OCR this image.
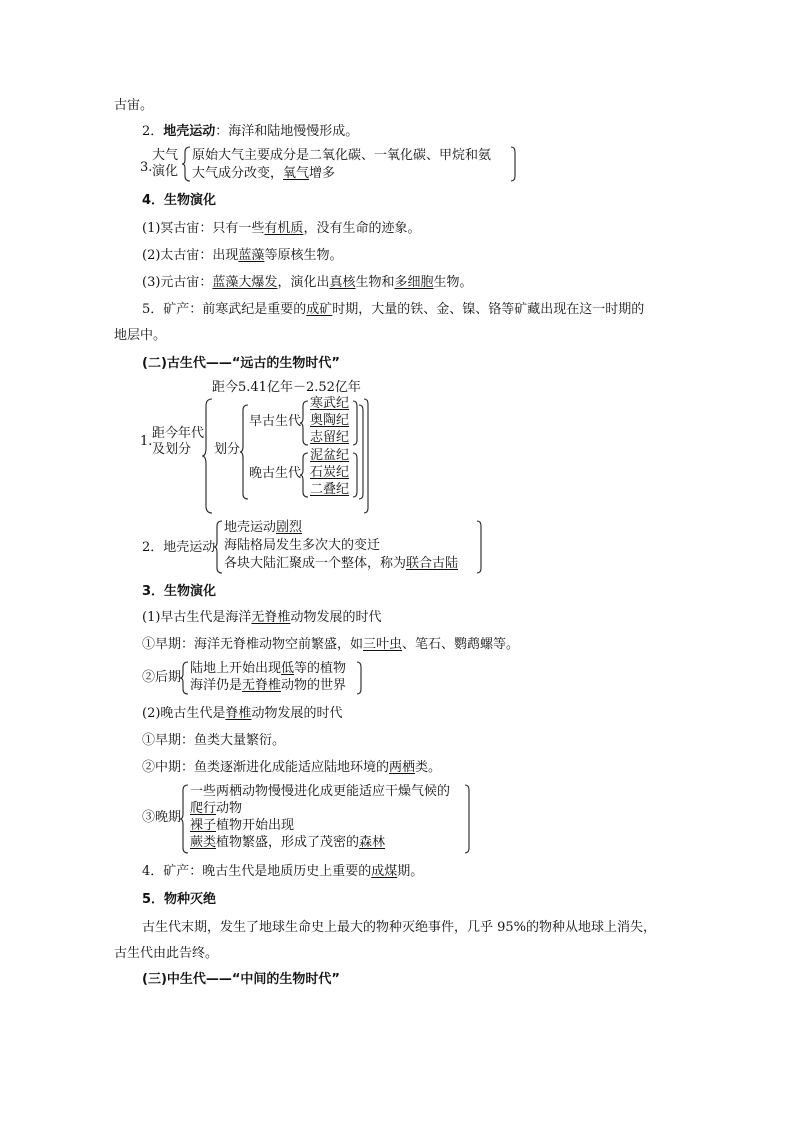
古宙。
2．地壳运动：海洋和陆地慢慢形成。
3.
大气
演化
原始大气主要成分是二氧化碳、一氧化碳、甲烷和氨
大气成分改变，氧气增多
4．生物演化
(1)冥古宙：只有一些有机质，没有生命的迹象。
(2)太古宙：出现蓝藻等原核生物。
(3)元古宙：蓝藻大爆发，演化出真核生物和多细胞生物。
5．矿产：前寒武纪是重要的成矿时期，大量的铁、金、镍、铬等矿藏出现在这一时期的
地层中。
(二)古生代——“远古的生物时代”
距今5.41亿年－2.52亿年
1.
距今年代
及划分 划分
早古生代
晚古生代
寒武纪
奥陶纪
志留纪
泥盆纪
石炭纪
二叠纪
2．地壳运动
地壳运动剧烈
海陆格局发生多次大的变迁
各块大陆汇聚成一个整体，称为联合古陆
3．生物演化
(1)早古生代是海洋无脊椎动物发展的时代
①早期：海洋无脊椎动物空前繁盛，如三叶虫、笔石、鹦鹉螺等。
②后期
陆地上开始出现低等的植物
海洋仍是无脊椎动物的世界
(2)晚古生代是脊椎动物发展的时代
①早期：鱼类大量繁衍。
②中期：鱼类逐渐进化成能适应陆地环境的两栖类。
③晚期
一些两栖动物慢慢进化成更能适应干燥气候的
爬行动物
裸子植物开始出现
蕨类植物繁盛，形成了茂密的森林
4．矿产：晚古生代是地质历史上重要的成煤期。
5．物种灭绝
古生代末期，发生了地球生命史上最大的物种灭绝事件，几乎 95%的物种从地球上消失，
古生代由此告终。
(三)中生代——“中间的生物时代”
